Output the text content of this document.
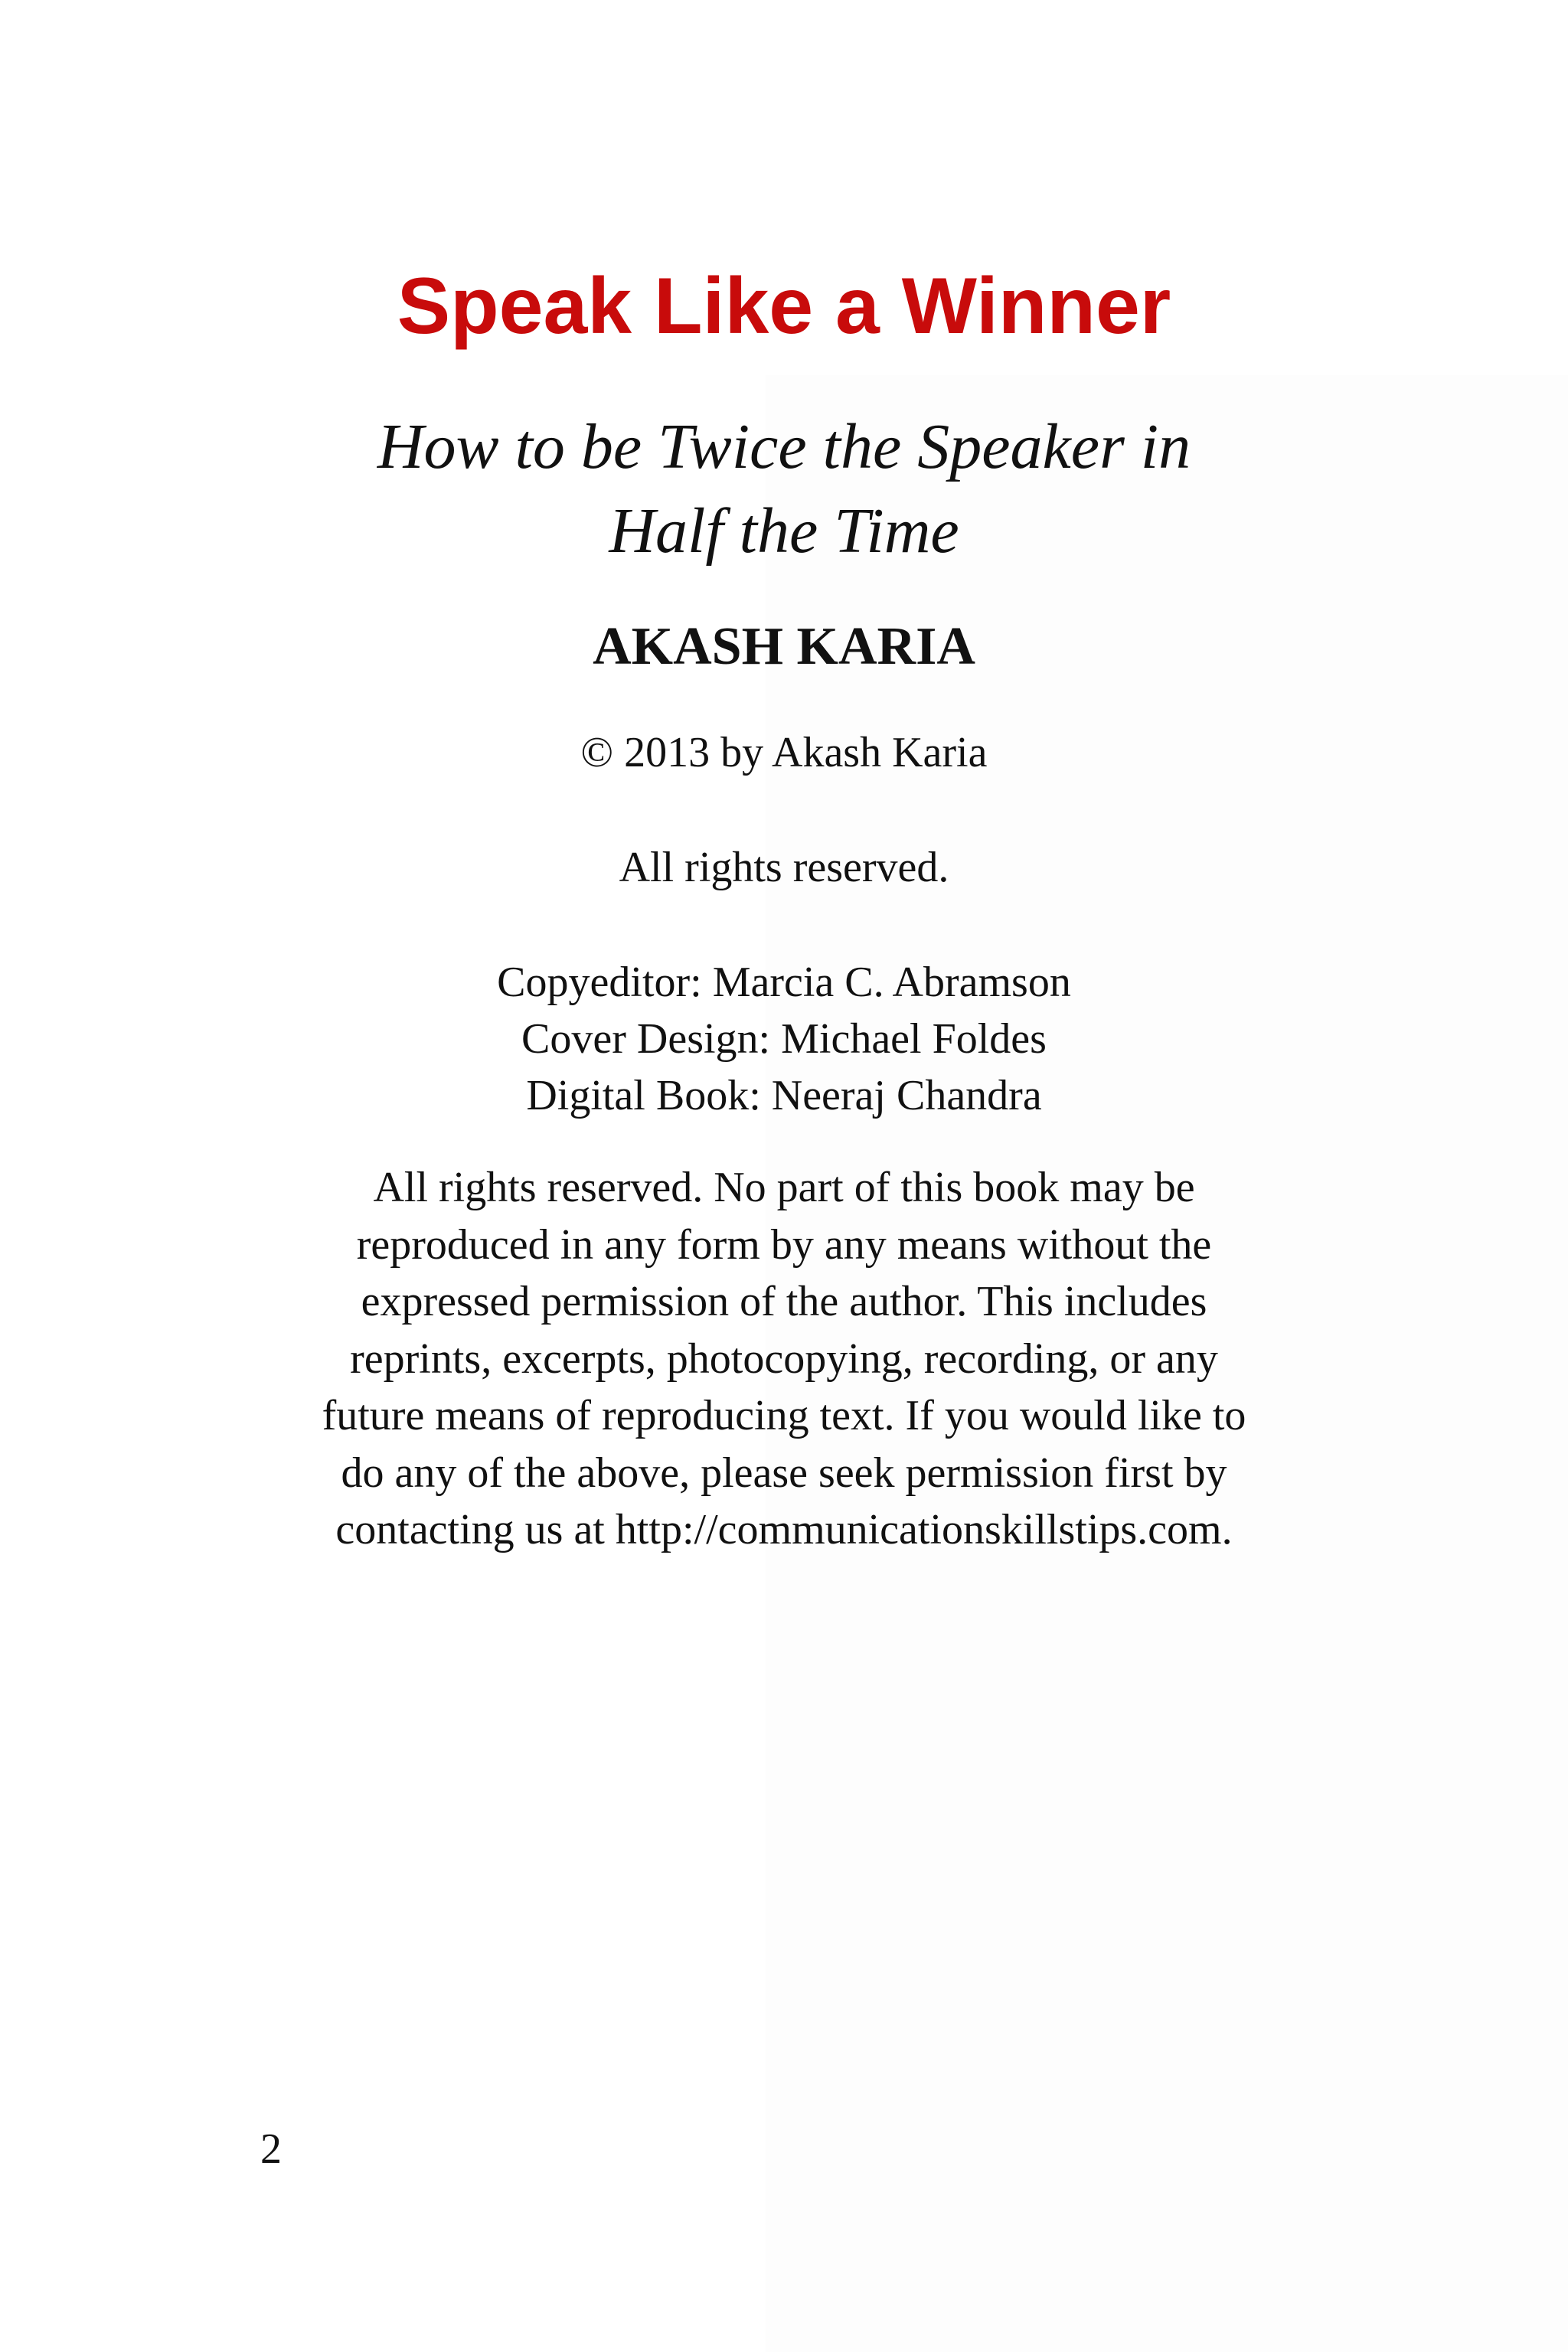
Speak Like a Winner
How to be Twice the Speaker in
Half the Time
AKASH KARIA
© 2013 by Akash Karia
All rights reserved.
Copyeditor: Marcia C. Abramson
Cover Design: Michael Foldes
Digital Book: Neeraj Chandra
All rights reserved. No part of this book may be
reproduced in any form by any means without the
expressed permission of the author. This includes
reprints, excerpts, photocopying, recording, or any
future means of reproducing text. If you would like to
do any of the above, please seek permission first by
contacting us at http://communicationskillstips.com.
2
